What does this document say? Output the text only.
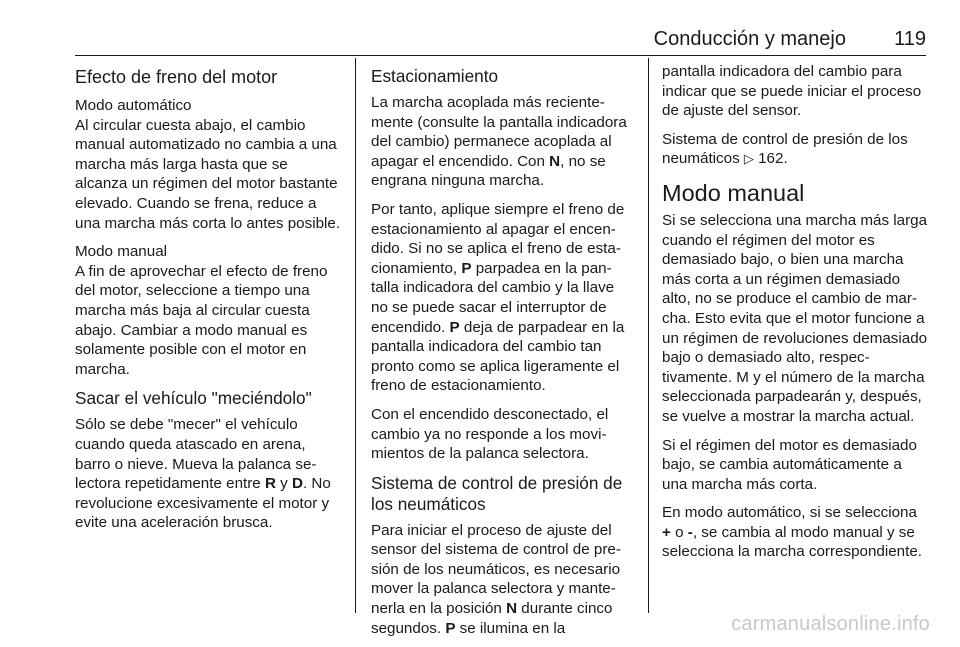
Conducción y manejo 119
Efecto de freno del motor
Modo automático

Al circular cuesta abajo, el cambio manual automatizado no cambia a una marcha más larga hasta que se alcanza un régimen del motor bastante elevado. Cuando se frena, reduce a una marcha más corta lo antes posible.

Modo manual

A fin de aprovechar el efecto de freno del motor, seleccione a tiempo una marcha más baja al circular cuesta abajo. Cambiar a modo manual es solamente posible con el motor en marcha.

Sacar el vehículo "meciéndolo"

Sólo se debe "mecer" el vehículo cuando queda atascado en arena, barro o nieve. Mueva la palanca selectora repetidamente entre R y D. No revolucione excesivamente el motor y evite una aceleración brusca.

Estacionamiento

La marcha acoplada más recientemente (consulte la pantalla indicadora del cambio) permanece acoplada al apagar el encendido. Con N, no se engrana ninguna marcha.

Por tanto, aplique siempre el freno de estacionamiento al apagar el encendido. Si no se aplica el freno de estacionamiento, P parpadea en la pantalla indicadora del cambio y la llave no se puede sacar el interruptor de encendido. P deja de parpadear en la pantalla indicadora del cambio tan pronto como se aplica ligeramente el freno de estacionamiento.

Con el encendido desconectado, el cambio ya no responde a los movimientos de la palanca selectora.

Sistema de control de presión de los neumáticos

Para iniciar el proceso de ajuste del sensor del sistema de control de presión de los neumáticos, es necesario mover la palanca selectora y mantenerla en la posición N durante cinco segundos. P se ilumina en la

pantalla indicadora del cambio para indicar que se puede iniciar el proceso de ajuste del sensor.

Sistema de control de presión de los neumáticos ▷ 162.

Modo manual

Si se selecciona una marcha más larga cuando el régimen del motor es demasiado bajo, o bien una marcha más corta a un régimen demasiado alto, no se produce el cambio de marcha. Esto evita que el motor funcione a un régimen de revoluciones demasiado bajo o demasiado alto, respectivamente. M y el número de la marcha seleccionada parpadearán y, después, se vuelve a mostrar la marcha actual.

Si el régimen del motor es demasiado bajo, se cambia automáticamente a una marcha más corta.

En modo automático, si se selecciona + o -, se cambia al modo manual y se selecciona la marcha correspondiente.

carmanualsonline.info
